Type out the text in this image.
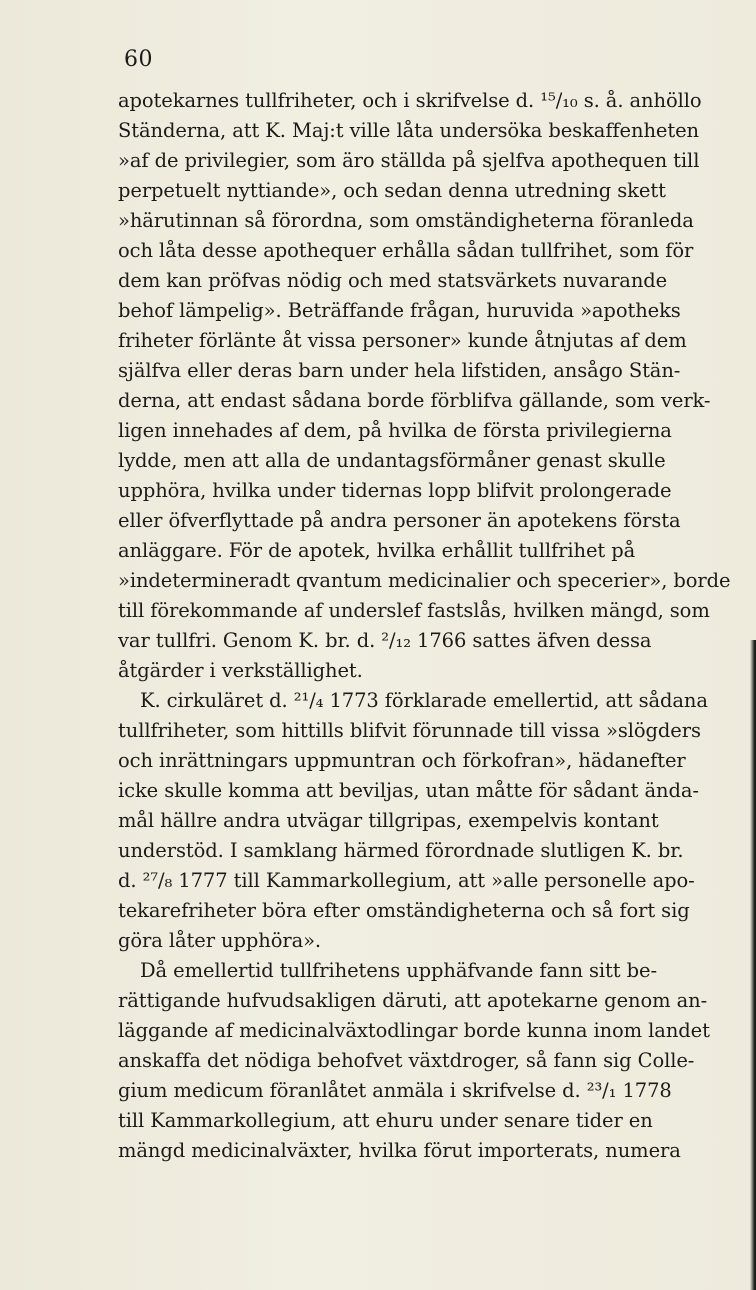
60
apotekarnes tullfriheter, och i skrifvelse d. ¹⁵/₁₀ s. å. anhöllo
Ständerna, att K. Maj:t ville låta undersöka beskaffenheten
»af de privilegier, som äro ställda på sjelfva apothequen till
perpetuelt nyttiande», och sedan denna utredning skett
»härutinnan så förordna, som omständigheterna föranleda
och låta desse apothequer erhålla sådan tullfrihet, som för
dem kan pröfvas nödig och med statsvärkets nuvarande
behof lämpelig». Beträffande frågan, huruvida »apotheks
friheter förlänte åt vissa personer» kunde åtnjutas af dem
själfva eller deras barn under hela lifstiden, ansågo Stän-
derna, att endast sådana borde förblifva gällande, som verk-
ligen innehades af dem, på hvilka de första privilegierna
lydde, men att alla de undantagsförmåner genast skulle
upphöra, hvilka under tidernas lopp blifvit prolongerade
eller öfverflyttade på andra personer än apotekens första
anläggare. För de apotek, hvilka erhållit tullfrihet på
»indetermineradt qvantum medicinalier och specerier», borde
till förekommande af underslef fastslås, hvilken mängd, som
var tullfri. Genom K. br. d. ²/₁₂ 1766 sattes äfven dessa
åtgärder i verkställighet.
K. cirkuläret d. ²¹/₄ 1773 förklarade emellertid, att sådana
tullfriheter, som hittills blifvit förunnade till vissa »slögders
och inrättningars uppmuntran och förkofran», hädanefter
icke skulle komma att beviljas, utan måtte för sådant ända-
mål hällre andra utvägar tillgripas, exempelvis kontant
understöd. I samklang härmed förordnade slutligen K. br.
d. ²⁷/₈ 1777 till Kammarkollegium, att »alle personelle apo-
tekarefriheter böra efter omständigheterna och så fort sig
göra låter upphöra».
Då emellertid tullfrihetens upphäfvande fann sitt be-
rättigande hufvudsakligen däruti, att apotekarne genom an-
läggande af medicinalväxtodlingar borde kunna inom landet
anskaffa det nödiga behofvet växtdroger, så fann sig Colle-
gium medicum föranlåtet anmäla i skrifvelse d. ²³/₁ 1778
till Kammarkollegium, att ehuru under senare tider en
mängd medicinalväxter, hvilka förut importerats, numera
